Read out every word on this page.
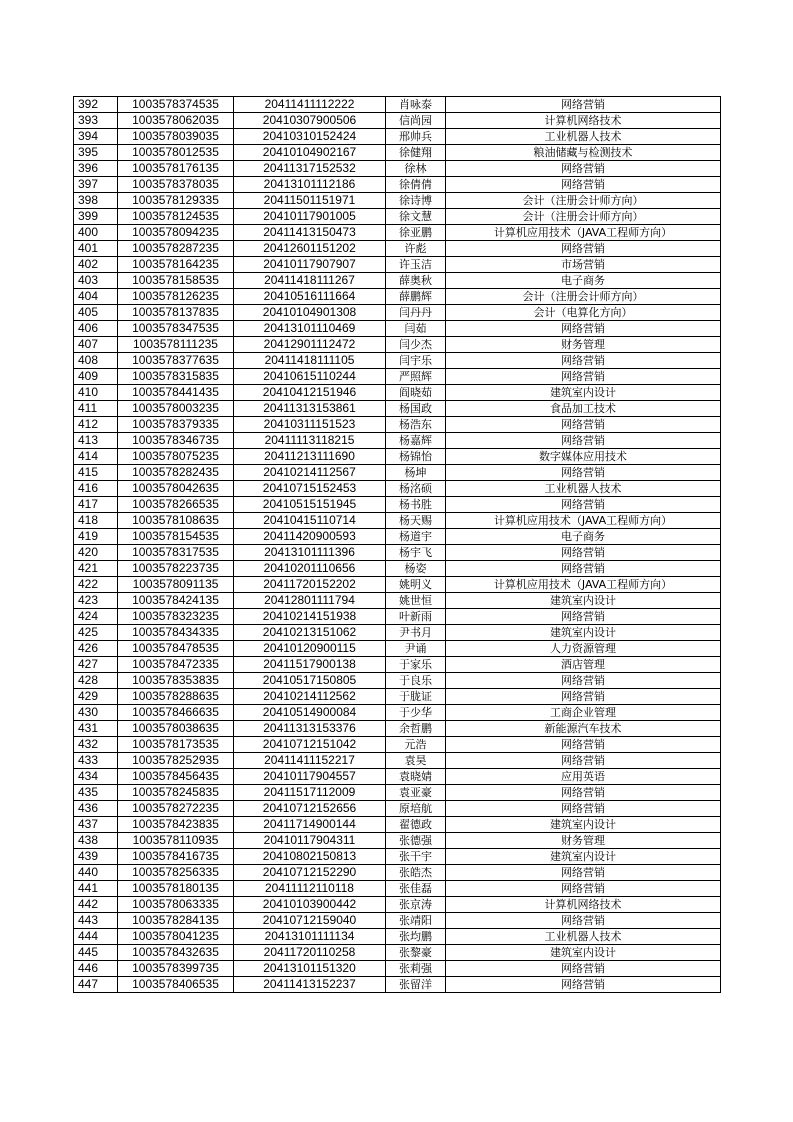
392	1003578374535	20411411112222	肖咏泰	网络营销
393	1003578062035	20410307900506	信尚园	计算机网络技术
394	1003578039035	20410310152424	邢帅兵	工业机器人技术
395	1003578012535	20410104902167	徐健翔	粮油储藏与检测技术
396	1003578176135	20411317152532	徐林	网络营销
397	1003578378035	20413101112186	徐倩倩	网络营销
398	1003578129335	20411501151971	徐诗博	会计（注册会计师方向）
399	1003578124535	20410117901005	徐文慧	会计（注册会计师方向）
400	1003578094235	20411413150473	徐亚鹏	计算机应用技术（JAVA工程师方向）
401	1003578287235	20412601151202	许彪	网络营销
402	1003578164235	20410117907907	许玉洁	市场营销
403	1003578158535	20411418111267	薛奥秋	电子商务
404	1003578126235	20410516111664	薛鹏辉	会计（注册会计师方向）
405	1003578137835	20410104901308	闫丹丹	会计（电算化方向）
406	1003578347535	20413101110469	闫茹	网络营销
407	1003578111235	20412901112472	闫少杰	财务管理
408	1003578377635	20411418111105	闫宇乐	网络营销
409	1003578315835	20410615110244	严照辉	网络营销
410	1003578441435	20410412151946	阎晓茹	建筑室内设计
411	1003578003235	20411313153861	杨国政	食品加工技术
412	1003578379335	20410311151523	杨浩东	网络营销
413	1003578346735	20411113118215	杨嘉辉	网络营销
414	1003578075235	20411213111690	杨锦怡	数字媒体应用技术
415	1003578282435	20410214112567	杨坤	网络营销
416	1003578042635	20410715152453	杨洺硕	工业机器人技术
417	1003578266535	20410515151945	杨书胜	网络营销
418	1003578108635	20410415110714	杨天赐	计算机应用技术（JAVA工程师方向）
419	1003578154535	20411420900593	杨道宇	电子商务
420	1003578317535	20413101111396	杨宇飞	网络营销
421	1003578223735	20410201110656	杨姿	网络营销
422	1003578091135	20411720152202	姚明义	计算机应用技术（JAVA工程师方向）
423	1003578424135	20412801111794	姚世恒	建筑室内设计
424	1003578323235	20410214151938	叶新雨	网络营销
425	1003578434335	20410213151062	尹书月	建筑室内设计
426	1003578478535	20410120900115	尹诵	人力资源管理
427	1003578472335	20411517900138	于家乐	酒店管理
428	1003578353835	20410517150805	于良乐	网络营销
429	1003578288635	20410214112562	于胧证	网络营销
430	1003578466635	20410514900084	于少华	工商企业管理
431	1003578038635	20411313153376	余哲鹏	新能源汽车技术
432	1003578173535	20410712151042	元浩	网络营销
433	1003578252935	20411411152217	袁昊	网络营销
434	1003578456435	20410117904557	袁晓婧	应用英语
435	1003578245835	20411517112009	袁亚豪	网络营销
436	1003578272235	20410712152656	原培航	网络营销
437	1003578423835	20411714900144	翟德政	建筑室内设计
438	1003578110935	20410117904311	张德强	财务管理
439	1003578416735	20410802150813	张干宇	建筑室内设计
440	1003578256335	20410712152290	张皓杰	网络营销
441	1003578180135	20411112110118	张佳磊	网络营销
442	1003578063335	20410103900442	张京涛	计算机网络技术
443	1003578284135	20410712159040	张靖阳	网络营销
444	1003578041235	20413101111134	张均鹏	工业机器人技术
445	1003578432635	20411720110258	张黎豪	建筑室内设计
446	1003578399735	20413101151320	张莉强	网络营销
447	1003578406535	20411413152237	张留洋	网络营销
